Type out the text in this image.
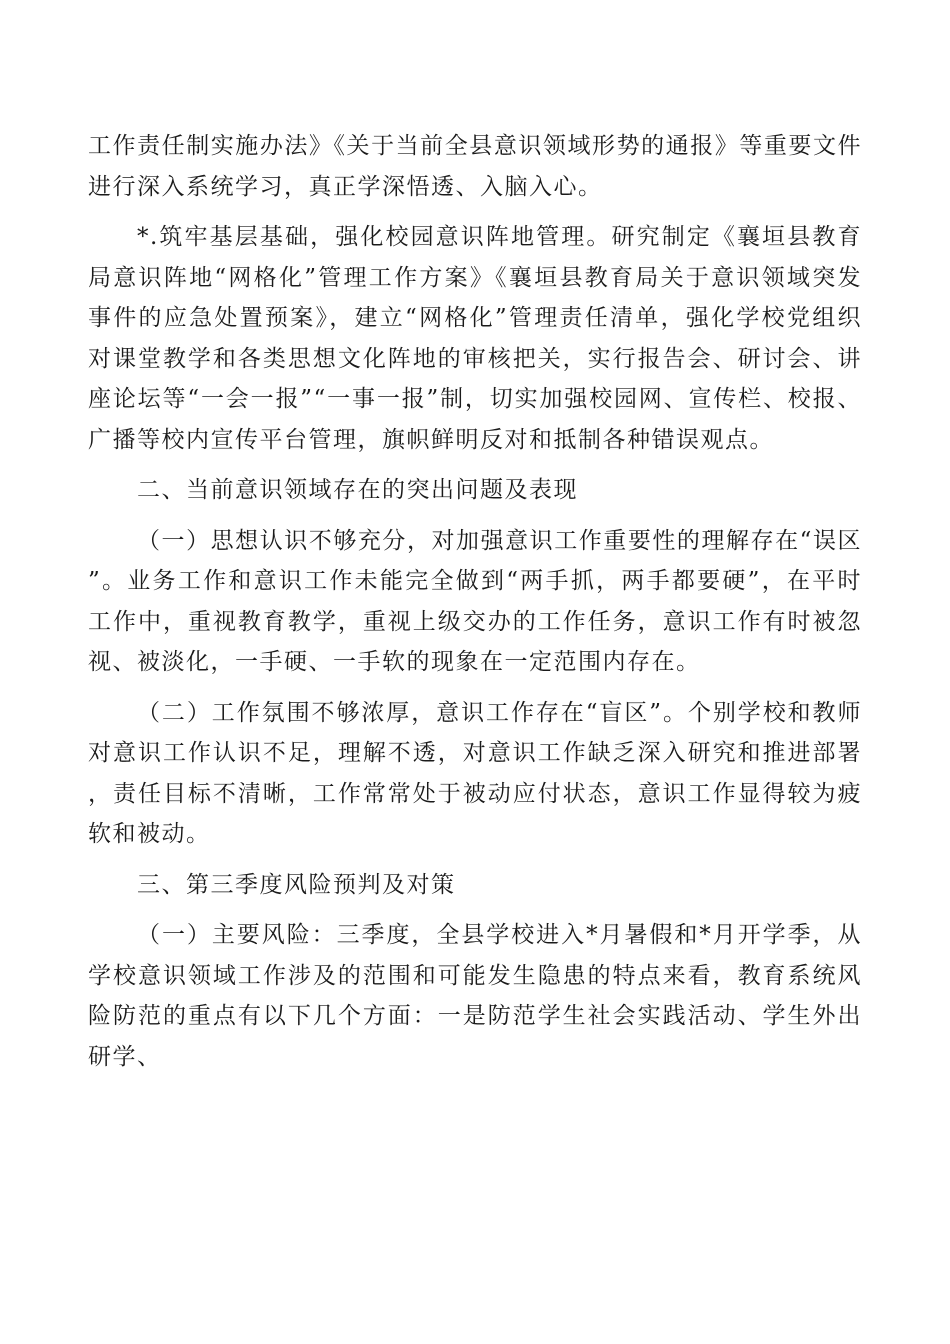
工作责任制实施办法》《关于当前全县意识领域形势的通报》等重要文件进行深入系统学习，真正学深悟透、入脑入心。

*.筑牢基层基础，强化校园意识阵地管理。研究制定《襄垣县教育局意识阵地“网格化”管理工作方案》《襄垣县教育局关于意识领域突发事件的应急处置预案》，建立“网格化”管理责任清单，强化学校党组织对课堂教学和各类思想文化阵地的审核把关，实行报告会、研讨会、讲座论坛等“一会一报”“一事一报”制，切实加强校园网、宣传栏、校报、广播等校内宣传平台管理，旗帜鲜明反对和抵制各种错误观点。

二、当前意识领域存在的突出问题及表现

（一）思想认识不够充分，对加强意识工作重要性的理解存在“误区”。业务工作和意识工作未能完全做到“两手抓，两手都要硬”，在平时工作中，重视教育教学，重视上级交办的工作任务，意识工作有时被忽视、被淡化，一手硬、一手软的现象在一定范围内存在。

（二）工作氛围不够浓厚，意识工作存在“盲区”。个别学校和教师对意识工作认识不足，理解不透，对意识工作缺乏深入研究和推进部署，责任目标不清晰，工作常常处于被动应付状态，意识工作显得较为疲软和被动。

三、第三季度风险预判及对策

（一）主要风险：三季度，全县学校进入*月暑假和*月开学季，从学校意识领域工作涉及的范围和可能发生隐患的特点来看，教育系统风险防范的重点有以下几个方面：一是防范学生社会实践活动、学生外出研学、
